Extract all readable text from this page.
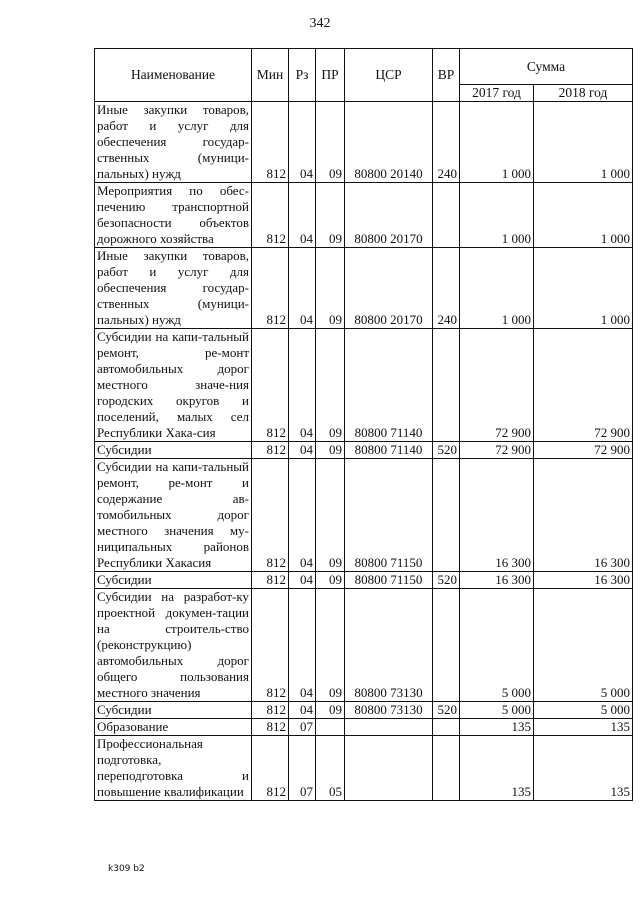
342
Наименование	Мин	Рз	ПР	ЦСР	ВР	Сумма	
						2017 год	2018 год
Иные закупки товаров, работ и услуг для обеспечения государ-ственных (муници-пальных) нужд	812	04	09	80800 20140	240	1 000	1 000
Мероприятия по обес-печению транспортной безопасности объектов дорожного хозяйства	812	04	09	80800 20170		1 000	1 000
Иные закупки товаров, работ и услуг для обеспечения государ-ственных (муници-пальных) нужд	812	04	09	80800 20170	240	1 000	1 000
Субсидии на капи-тальный ремонт, ре-монт автомобильных дорог местного значе-ния городских округов и поселений, малых сел Республики Хака-сия	812	04	09	80800 71140		72 900	72 900
Субсидии	812	04	09	80800 71140	520	72 900	72 900
Субсидии на капи-тальный ремонт, ре-монт и содержание ав-томобильных дорог местного значения му-ниципальных районов Республики Хакасия	812	04	09	80800 71150		16 300	16 300
Субсидии	812	04	09	80800 71150	520	16 300	16 300
Субсидии на разработ-ку проектной докумен-тации на строитель-ство (реконструкцию) автомобильных дорог общего пользования местного значения	812	04	09	80800 73130		5 000	5 000
Субсидии	812	04	09	80800 73130	520	5 000	5 000
Образование	812	07				135	135
Профессиональная подготовка, переподготовка и повышение квалификации	812	07	05			135	135
k309 b2
